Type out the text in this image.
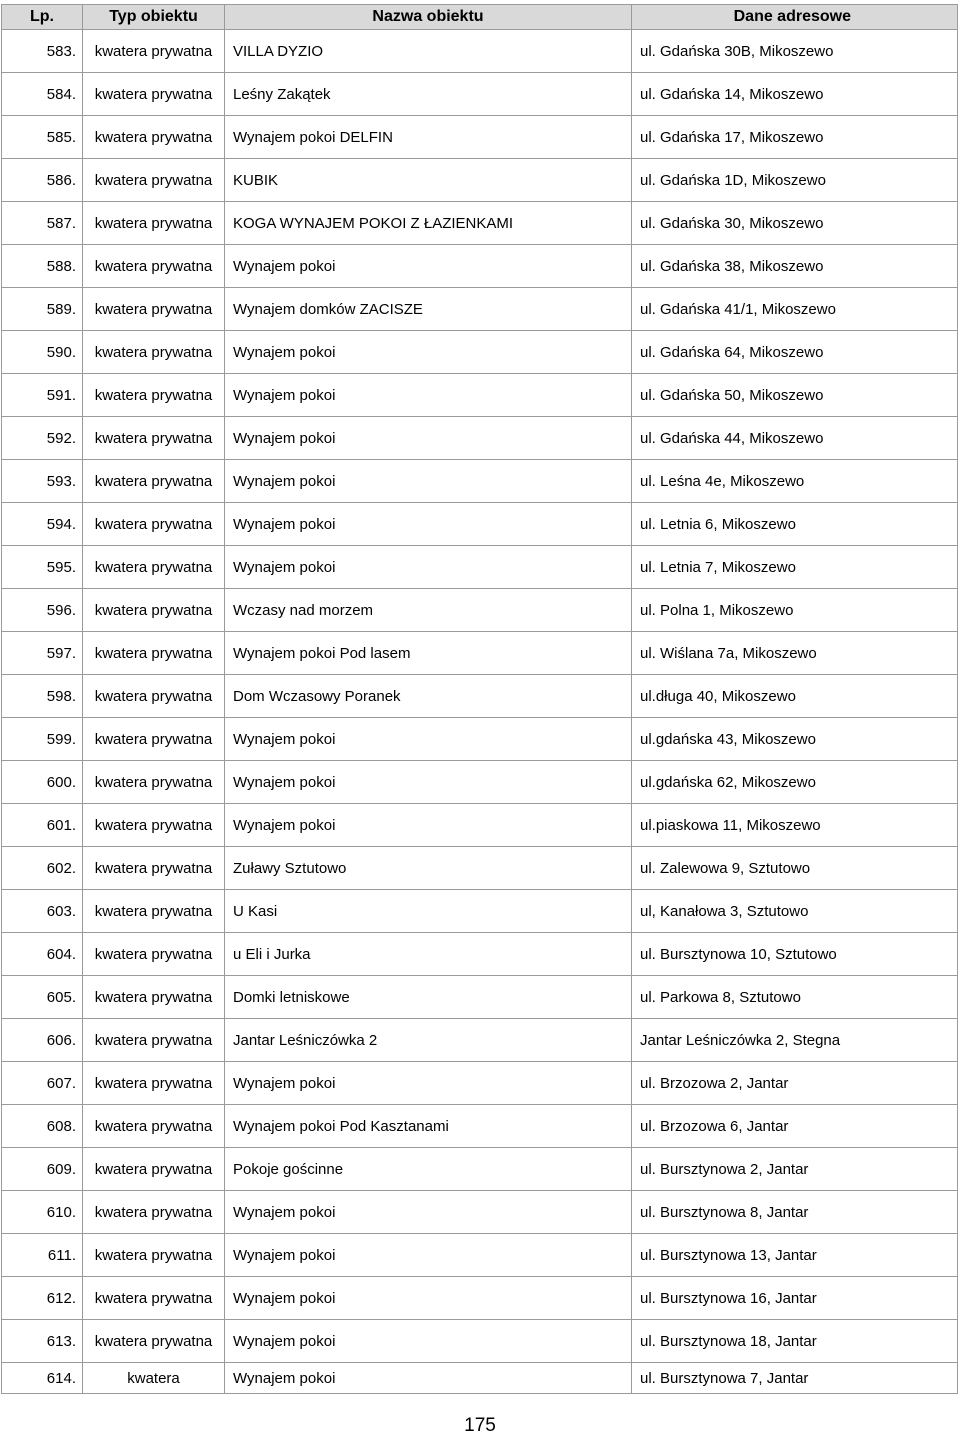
Lp.	Typ obiektu	Nazwa obiektu	Dane adresowe
583.	kwatera prywatna	VILLA DYZIO	ul. Gdańska 30B, Mikoszewo
584.	kwatera prywatna	Leśny Zakątek	ul. Gdańska 14, Mikoszewo
585.	kwatera prywatna	Wynajem pokoi DELFIN	ul. Gdańska 17, Mikoszewo
586.	kwatera prywatna	KUBIK	ul. Gdańska 1D, Mikoszewo
587.	kwatera prywatna	KOGA WYNAJEM POKOI Z ŁAZIENKAMI	ul. Gdańska 30, Mikoszewo
588.	kwatera prywatna	Wynajem pokoi	ul. Gdańska 38, Mikoszewo
589.	kwatera prywatna	Wynajem domków ZACISZE	ul. Gdańska 41/1, Mikoszewo
590.	kwatera prywatna	Wynajem pokoi	ul. Gdańska 64, Mikoszewo
591.	kwatera prywatna	Wynajem pokoi	ul. Gdańska 50, Mikoszewo
592.	kwatera prywatna	Wynajem pokoi	ul. Gdańska 44, Mikoszewo
593.	kwatera prywatna	Wynajem pokoi	ul. Leśna 4e, Mikoszewo
594.	kwatera prywatna	Wynajem pokoi	ul. Letnia 6, Mikoszewo
595.	kwatera prywatna	Wynajem pokoi	ul. Letnia 7, Mikoszewo
596.	kwatera prywatna	Wczasy nad morzem	ul. Polna 1, Mikoszewo
597.	kwatera prywatna	Wynajem pokoi Pod lasem	ul. Wiślana 7a, Mikoszewo
598.	kwatera prywatna	Dom Wczasowy Poranek	ul.długa 40, Mikoszewo
599.	kwatera prywatna	Wynajem pokoi	ul.gdańska 43, Mikoszewo
600.	kwatera prywatna	Wynajem pokoi	ul.gdańska 62, Mikoszewo
601.	kwatera prywatna	Wynajem pokoi	ul.piaskowa 11, Mikoszewo
602.	kwatera prywatna	Zuławy Sztutowo	ul. Zalewowa 9, Sztutowo
603.	kwatera prywatna	U Kasi	ul, Kanałowa 3, Sztutowo
604.	kwatera prywatna	u Eli i Jurka	ul. Bursztynowa 10, Sztutowo
605.	kwatera prywatna	Domki letniskowe	ul. Parkowa 8, Sztutowo
606.	kwatera prywatna	Jantar Leśniczówka 2	Jantar Leśniczówka 2, Stegna
607.	kwatera prywatna	Wynajem pokoi	ul. Brzozowa 2, Jantar
608.	kwatera prywatna	Wynajem pokoi Pod Kasztanami	ul. Brzozowa 6, Jantar
609.	kwatera prywatna	Pokoje gościnne	ul. Bursztynowa 2, Jantar
610.	kwatera prywatna	Wynajem pokoi	ul. Bursztynowa 8, Jantar
611.	kwatera prywatna	Wynajem pokoi	ul. Bursztynowa 13, Jantar
612.	kwatera prywatna	Wynajem pokoi	ul. Bursztynowa 16, Jantar
613.	kwatera prywatna	Wynajem pokoi	ul. Bursztynowa 18, Jantar
614.	kwatera	Wynajem pokoi	ul. Bursztynowa 7, Jantar
175
